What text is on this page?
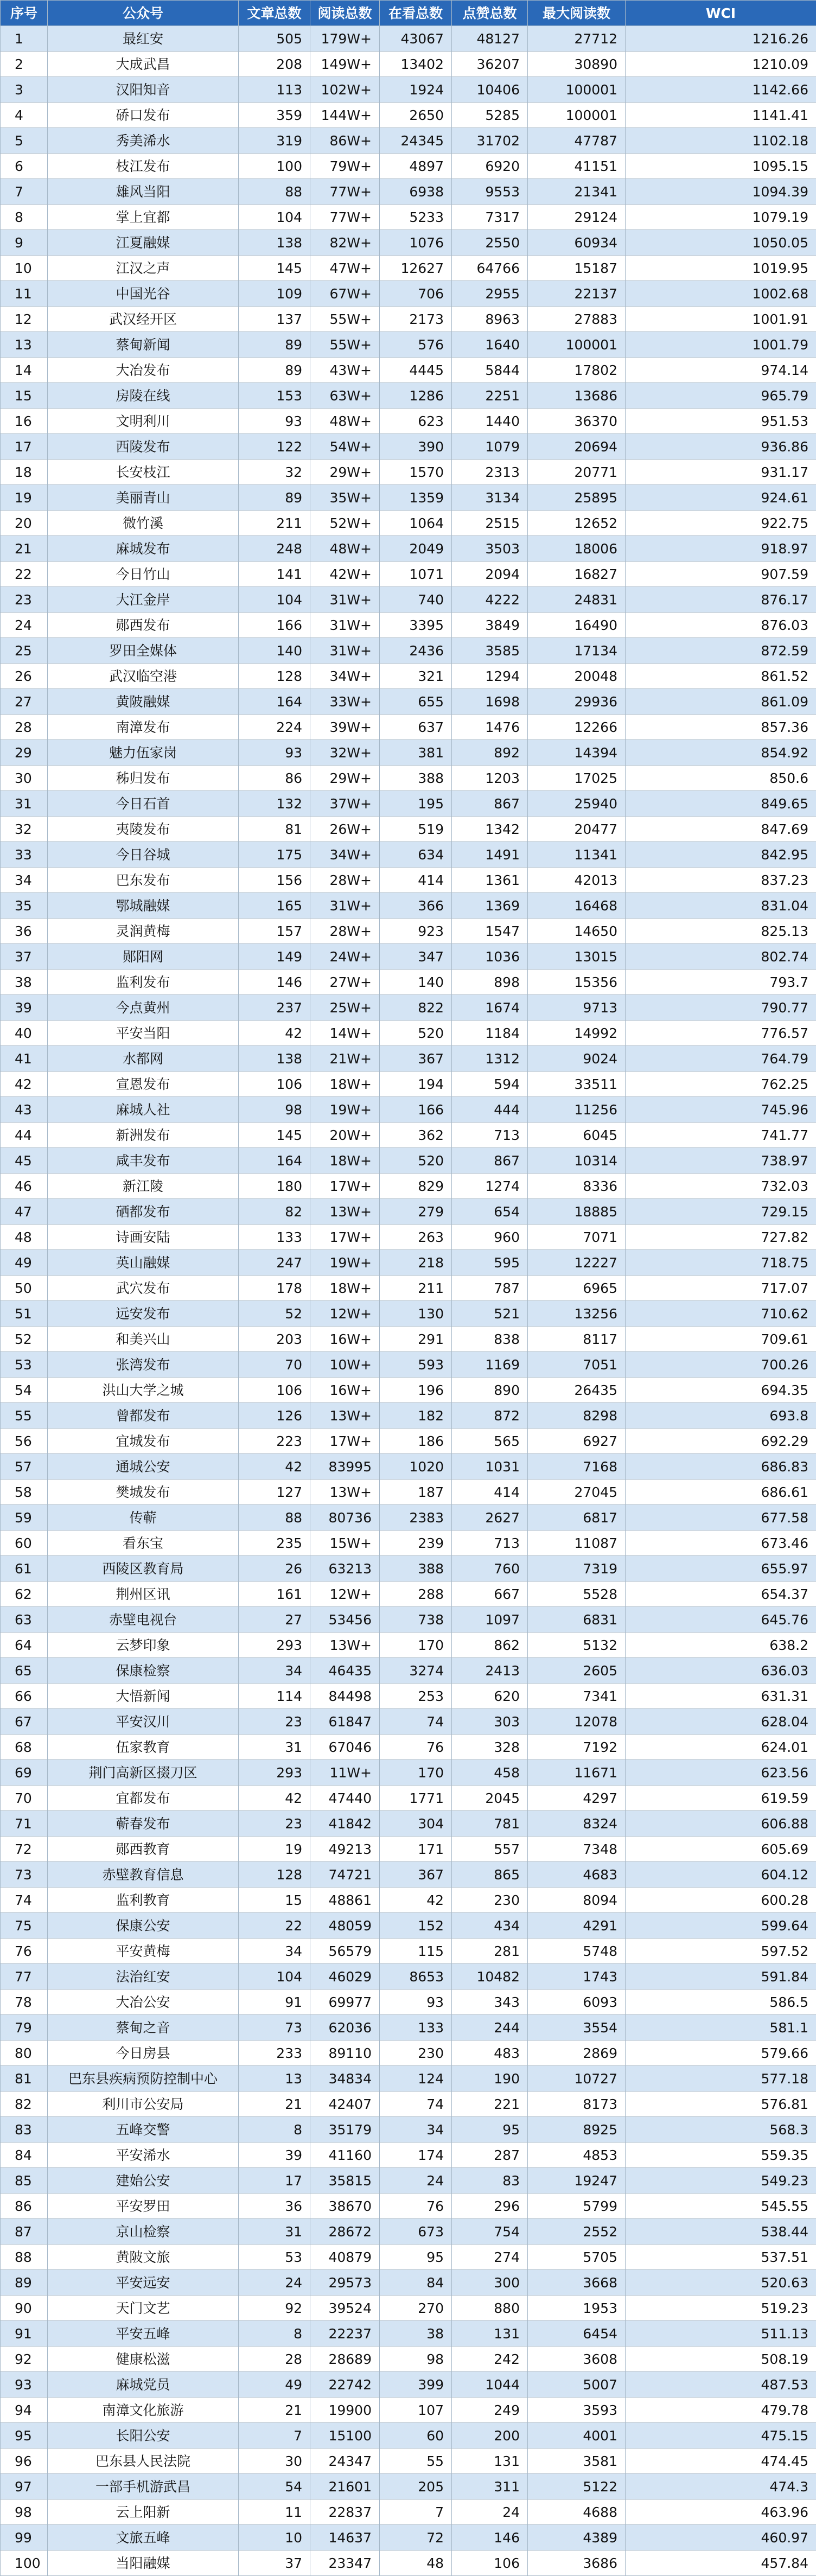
序号	公众号	文章总数	阅读总数	在看总数	点赞总数	最大阅读数	WCI
1	最红安	505	179W+	43067	48127	27712	1216.26
2	大成武昌	208	149W+	13402	36207	30890	1210.09
3	汉阳知音	113	102W+	1924	10406	100001	1142.66
4	硚口发布	359	144W+	2650	5285	100001	1141.41
5	秀美浠水	319	86W+	24345	31702	47787	1102.18
6	枝江发布	100	79W+	4897	6920	41151	1095.15
7	雄风当阳	88	77W+	6938	9553	21341	1094.39
8	掌上宜都	104	77W+	5233	7317	29124	1079.19
9	江夏融媒	138	82W+	1076	2550	60934	1050.05
10	江汉之声	145	47W+	12627	64766	15187	1019.95
11	中国光谷	109	67W+	706	2955	22137	1002.68
12	武汉经开区	137	55W+	2173	8963	27883	1001.91
13	蔡甸新闻	89	55W+	576	1640	100001	1001.79
14	大冶发布	89	43W+	4445	5844	17802	974.14
15	房陵在线	153	63W+	1286	2251	13686	965.79
16	文明利川	93	48W+	623	1440	36370	951.53
17	西陵发布	122	54W+	390	1079	20694	936.86
18	长安枝江	32	29W+	1570	2313	20771	931.17
19	美丽青山	89	35W+	1359	3134	25895	924.61
20	微竹溪	211	52W+	1064	2515	12652	922.75
21	麻城发布	248	48W+	2049	3503	18006	918.97
22	今日竹山	141	42W+	1071	2094	16827	907.59
23	大江金岸	104	31W+	740	4222	24831	876.17
24	郧西发布	166	31W+	3395	3849	16490	876.03
25	罗田全媒体	140	31W+	2436	3585	17134	872.59
26	武汉临空港	128	34W+	321	1294	20048	861.52
27	黄陂融媒	164	33W+	655	1698	29936	861.09
28	南漳发布	224	39W+	637	1476	12266	857.36
29	魅力伍家岗	93	32W+	381	892	14394	854.92
30	秭归发布	86	29W+	388	1203	17025	850.6
31	今日石首	132	37W+	195	867	25940	849.65
32	夷陵发布	81	26W+	519	1342	20477	847.69
33	今日谷城	175	34W+	634	1491	11341	842.95
34	巴东发布	156	28W+	414	1361	42013	837.23
35	鄂城融媒	165	31W+	366	1369	16468	831.04
36	灵润黄梅	157	28W+	923	1547	14650	825.13
37	郧阳网	149	24W+	347	1036	13015	802.74
38	监利发布	146	27W+	140	898	15356	793.7
39	今点黄州	237	25W+	822	1674	9713	790.77
40	平安当阳	42	14W+	520	1184	14992	776.57
41	水都网	138	21W+	367	1312	9024	764.79
42	宣恩发布	106	18W+	194	594	33511	762.25
43	麻城人社	98	19W+	166	444	11256	745.96
44	新洲发布	145	20W+	362	713	6045	741.77
45	咸丰发布	164	18W+	520	867	10314	738.97
46	新江陵	180	17W+	829	1274	8336	732.03
47	硒都发布	82	13W+	279	654	18885	729.15
48	诗画安陆	133	17W+	263	960	7071	727.82
49	英山融媒	247	19W+	218	595	12227	718.75
50	武穴发布	178	18W+	211	787	6965	717.07
51	远安发布	52	12W+	130	521	13256	710.62
52	和美兴山	203	16W+	291	838	8117	709.61
53	张湾发布	70	10W+	593	1169	7051	700.26
54	洪山大学之城	106	16W+	196	890	26435	694.35
55	曾都发布	126	13W+	182	872	8298	693.8
56	宜城发布	223	17W+	186	565	6927	692.29
57	通城公安	42	83995	1020	1031	7168	686.83
58	樊城发布	127	13W+	187	414	27045	686.61
59	传蕲	88	80736	2383	2627	6817	677.58
60	看东宝	235	15W+	239	713	11087	673.46
61	西陵区教育局	26	63213	388	760	7319	655.97
62	荆州区讯	161	12W+	288	667	5528	654.37
63	赤壁电视台	27	53456	738	1097	6831	645.76
64	云梦印象	293	13W+	170	862	5132	638.2
65	保康检察	34	46435	3274	2413	2605	636.03
66	大悟新闻	114	84498	253	620	7341	631.31
67	平安汉川	23	61847	74	303	12078	628.04
68	伍家教育	31	67046	76	328	7192	624.01
69	荆门高新区掇刀区	293	11W+	170	458	11671	623.56
70	宜都发布	42	47440	1771	2045	4297	619.59
71	蕲春发布	23	41842	304	781	8324	606.88
72	郧西教育	19	49213	171	557	7348	605.69
73	赤壁教育信息	128	74721	367	865	4683	604.12
74	监利教育	15	48861	42	230	8094	600.28
75	保康公安	22	48059	152	434	4291	599.64
76	平安黄梅	34	56579	115	281	5748	597.52
77	法治红安	104	46029	8653	10482	1743	591.84
78	大冶公安	91	69977	93	343	6093	586.5
79	蔡甸之音	73	62036	133	244	3554	581.1
80	今日房县	233	89110	230	483	2869	579.66
81	巴东县疾病预防控制中心	13	34834	124	190	10727	577.18
82	利川市公安局	21	42407	74	221	8173	576.81
83	五峰交警	8	35179	34	95	8925	568.3
84	平安浠水	39	41160	174	287	4853	559.35
85	建始公安	17	35815	24	83	19247	549.23
86	平安罗田	36	38670	76	296	5799	545.55
87	京山检察	31	28672	673	754	2552	538.44
88	黄陂文旅	53	40879	95	274	5705	537.51
89	平安远安	24	29573	84	300	3668	520.63
90	天门文艺	92	39524	270	880	1953	519.23
91	平安五峰	8	22237	38	131	6454	511.13
92	健康松滋	28	28689	98	242	3608	508.19
93	麻城党员	49	22742	399	1044	5007	487.53
94	南漳文化旅游	21	19900	107	249	3593	479.78
95	长阳公安	7	15100	60	200	4001	475.15
96	巴东县人民法院	30	24347	55	131	3581	474.45
97	一部手机游武昌	54	21601	205	311	5122	474.3
98	云上阳新	11	22837	7	24	4688	463.96
99	文旅五峰	10	14637	72	146	4389	460.97
100	当阳融媒	37	23347	48	106	3686	457.84
